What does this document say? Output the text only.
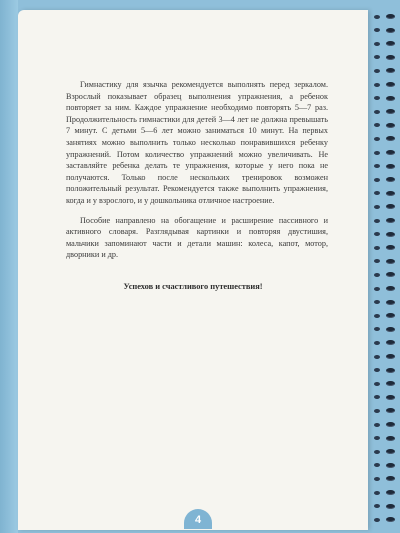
Гимнастику для язычка рекомендуется выполнять перед зеркалом. Взрослый показывает образец выполнения упражнения, а ребенок повторяет за ним. Каждое упражнение необходимо повторять 5—7 раз. Продолжительность гимнастики для детей 3—4 лет не должна превышать 7 минут. С детьми 5—6 лет можно заниматься 10 минут. На первых занятиях можно выполнить только несколько понравившихся ребенку упражнений. Потом количество упражнений можно увеличивать. Не заставляйте ребенка делать те упражнения, которые у него пока не получаются. Только после нескольких тренировок возможен положительный результат. Рекомендуется также выполнить упражнения, когда и у взрослого, и у дошкольника отличное настроение.

Пособие направлено на обогащение и расширение пассивного и активного словаря. Разглядывая картинки и повторяя двустишия, мальчики запоминают части и детали машин: колеса, капот, мотор, дворники и др.

Успехов и счастливого путешествия!
4
